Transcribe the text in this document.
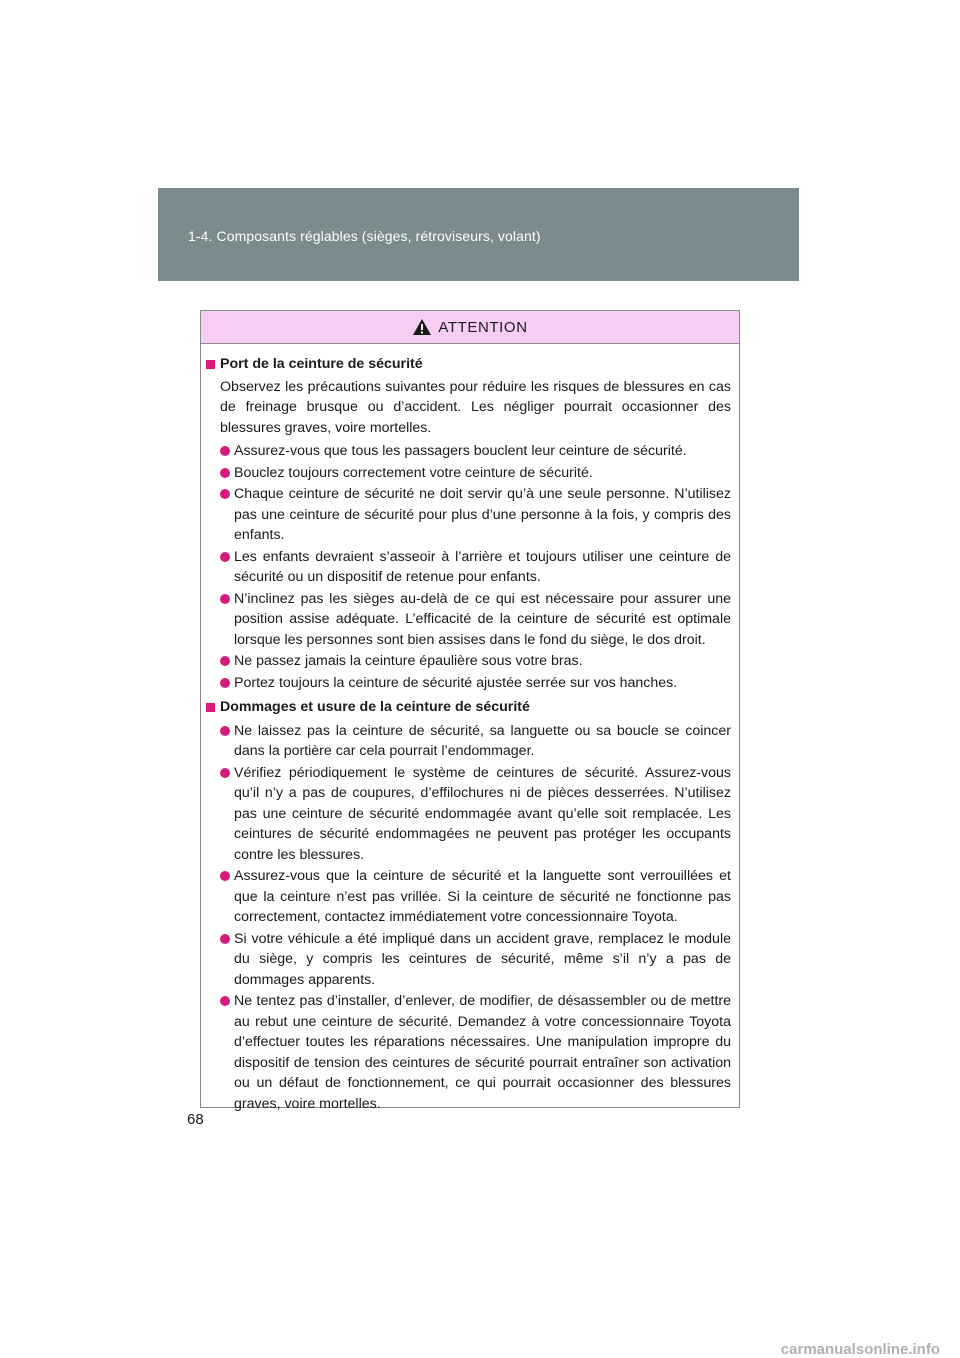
1-4. Composants réglables (sièges, rétroviseurs, volant)
ATTENTION
Port de la ceinture de sécurité
Observez les précautions suivantes pour réduire les risques de blessures en cas de freinage brusque ou d’accident. Les négliger pourrait occasionner des blessures graves, voire mortelles.
Assurez-vous que tous les passagers bouclent leur ceinture de sécurité.
Bouclez toujours correctement votre ceinture de sécurité.
Chaque ceinture de sécurité ne doit servir qu’à une seule personne. N’utilisez pas une ceinture de sécurité pour plus d’une personne à la fois, y compris des enfants.
Les enfants devraient s’asseoir à l’arrière et toujours utiliser une ceinture de sécurité ou un dispositif de retenue pour enfants.
N’inclinez pas les sièges au-delà de ce qui est nécessaire pour assurer une position assise adéquate. L’efficacité de la ceinture de sécurité est optimale lorsque les personnes sont bien assises dans le fond du siège, le dos droit.
Ne passez jamais la ceinture épaulière sous votre bras.
Portez toujours la ceinture de sécurité ajustée serrée sur vos hanches.
Dommages et usure de la ceinture de sécurité
Ne laissez pas la ceinture de sécurité, sa languette ou sa boucle se coincer dans la portière car cela pourrait l’endommager.
Vérifiez périodiquement le système de ceintures de sécurité. Assurez-vous qu’il n’y a pas de coupures, d’effilochures ni de pièces desserrées. N’utilisez pas une ceinture de sécurité endommagée avant qu’elle soit remplacée. Les ceintures de sécurité endommagées ne peuvent pas protéger les occupants contre les blessures.
Assurez-vous que la ceinture de sécurité et la languette sont verrouillées et que la ceinture n’est pas vrillée. Si la ceinture de sécurité ne fonctionne pas correctement, contactez immédiatement votre concessionnaire Toyota.
Si votre véhicule a été impliqué dans un accident grave, remplacez le module du siège, y compris les ceintures de sécurité, même s’il n’y a pas de dommages apparents.
Ne tentez pas d’installer, d’enlever, de modifier, de désassembler ou de mettre au rebut une ceinture de sécurité. Demandez à votre concessionnaire Toyota d’effectuer toutes les réparations nécessaires. Une manipulation impropre du dispositif de tension des ceintures de sécurité pourrait entraîner son activation ou un défaut de fonctionnement, ce qui pourrait occasionner des blessures graves, voire mortelles.
68
carmanualsonline.info
